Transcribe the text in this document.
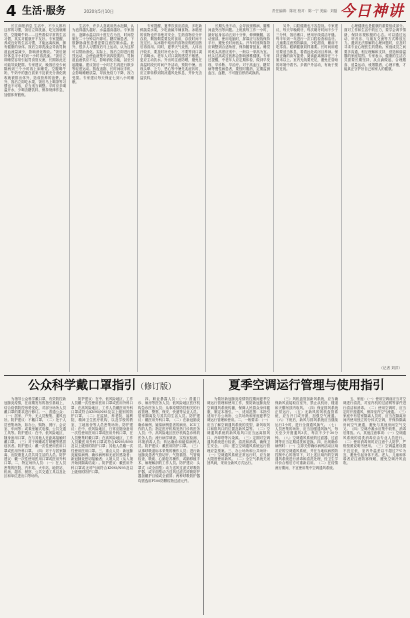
4 生活·服务	2020年5月10日	责任编辑：陈旺 校对：陈一宁 美编：刘磊 今日神讲

长江商报消息 生活中，不少人都有这样的习惯，饭后立即洗澡、吃完饭就睡觉、空腹喝牛奶……这些看似平常的生活习惯，其实对健康并不友好。专家提醒，养成良好的生活习惯，才能远离疾病，拥有健康的身体。饭后立即洗澡会导致胃肠道血流量减少，影响消化吸收。“饭后最好休息半小时到一小时再洗澡。”饭后立即睡觉容易引起胃食管反流，长期如此还可能导致肥胖。专家建议，晚饭后至少间隔两到三个小时再上床睡觉。空腹喝牛奶，牛奶中的蛋白质来不及被充分消化吸收就被排出体外，造成营养的浪费。此外，饭后立即吃水果、饭后马上喝茶等习惯也不可取，应当适当调整。平时应多喝温开水，少喝含糖饮料，保持规律作息，加强体育锻炼。

生活中，许多人喜欢用热水泡脚，认为泡得越久越好、水温越高越好。专家指出，泡脚水温以四十度左右为宜，时间控制在二十分钟以内即可。糖尿病患者、下肢静脉曲张患者更要注意控制水温。此外，很多人习惯饭后马上运动，认为这样可以帮助消化。实际上，饭后立即进行剧烈运动，会使血液集中到四肢肌肉，胃肠道血液供应不足，影响消化功能，甚至引起腹痛。建议饭后一小时左右再进行散步等轻度运动。熬夜追剧、长时间玩手机，会影响睡眠质量，导致免疫力下降，视力受损。专家建议每天保证七到八小时睡眠。

专家提醒，夏季饮食应清淡，多吃新鲜蔬菜水果，少吃油腻辛辣食物。冰箱里的食物也并非绝对安全，生熟食物应分开存放，剩饭剩菜要及时食用，存放时间不宜过长。从冰箱中取出的食物应彻底加热后再食用。同时，夏季天气炎热，人体出汗较多，要及时补充水分，不要等到口渴了再喝水。老年人对口渴的感觉不敏感，更应主动饮水。外出时注意防晒，避免在高温时段长时间户外活动，预防中暑。出现头晕、乏力、恶心等中暑先兆症状时，应立即转移到阴凉通风处休息，并补充含盐饮料。

长期久坐不动，会导致颈椎病、腰椎间盘突出等问题。上班族每工作一小时，最好起身活动五到十分钟，伸伸懒腰、活动颈部。使用电脑时，屏幕应与视线保持平行，避免长时间低头。开车时座椅靠背应调整到合适角度，保持腰背挺直。睡觉时枕头高度应适中，一般以一拳高为宜。枕头过高或过低都会影响颈椎健康。专家还提醒，中老年人应定期体检，做到早发现、早诊断、早治疗。对于高血压、糖尿病等慢性病患者，要按时服药，定期监测血压、血糖，不可擅自停药或换药。

另外，口腔健康也不容忽视。专家建议，每天早晚刷牙，每次刷牙时间不少于三分钟，饭后漱口，使用牙线清洁牙缝。每半年到一年进行一次口腔检查和洁牙。儿童要注意预防龋齿，少吃甜食，睡前不吃零食。眼睛健康同样重要。长时间用眼后要适当休息，看看远处或闭目养神。保持正确的读写姿势，阅读距离保持在三十厘米以上。室内光线要充足，避免在昏暗的环境中看书。多做户外活动，有助于预防近视。

心理健康也是健康的重要组成部分。面对工作和生活中的压力，要学会调节情绪，保持乐观积极的心态。可以通过运动、听音乐、与朋友交流等方式释放压力。遇到无法排解的心理问题时，应及时寻求专业心理医生的帮助。家庭成员之间要多沟通，相互理解和支持，营造和谐温馨的家庭氛围。专家表示，健康的生活方式需要长期坚持，从点滴做起，合理膳食、适量运动、戒烟限酒、心理平衡，才能真正守护好自己和家人的健康。

（记者 刘洋）
公众科学戴口罩指引（修订版）

为指导公众科学戴口罩，有效防控新冠肺炎疫情，在前期发布的指引基础上，结合疫情防控形势变化，对部分场所人员戴口罩的要求进行修订。一、普通公众：（一）居家、户外，无人员聚集、通风良好。防护建议：不戴口罩。（二）处于人员密集场所，如办公、购物、餐厅、会议室、车间等；或乘坐厢式电梯、公共交通工具等。防护建议：在中、低风险地区，随身备用口罩，在与其他人近距离接触时戴口罩。（三）对于咳嗽或打喷嚏等感冒症状者。防护建议：戴一次性使用医用口罩或医用外科口罩。（四）对于与居家隔离、出院康复人员共同生活的人员。防护建议：戴一次性使用医用口罩或医用外科口罩。二、特定场所人员：（一）在人员密集的医院、汽车站、火车站、地铁站、机场、超市、餐馆、公共交通工具以及社区和单位进出口等场所。

防护建议：在中、低风险地区，工作人员戴一次性使用医用口罩或医用外科口罩；在高风险地区，工作人员戴医用外科口罩或符合KN95/N95及以上级别的防护口罩。（二）在监狱、养老院、福利院、精神卫生医疗机构，以及学校的教室、工地宿舍等人员密集场所。防护建议：在中、低风险地区，日常应随身备用一次性使用医用口罩或医用外科口罩，在人员聚集时戴口罩；在高风险地区，工作人员戴医用外科口罩或符合KN95/N95及以上级别的防护口罩；其他人员戴一次性使用医用口罩。三、重点人员：新冠肺炎疑似病例、确诊病例和无症状感染者；新冠肺炎密切接触者；入境人员（从入境开始到隔离结束）。防护建议：戴医用外科口罩或无呼气阀符合KN95/N95及以上级别的防护口罩。

四、职业暴露人员：（一）普通门诊、病房等医务人员；低风险地区医疗机构急诊医务人员；从事疫情防控相关的行政管理、警察、保安、快递等从业人员。居家隔离及与其共同生活人员。防护建议：戴医用外科口罩。（二）在新冠肺炎确诊病例、疑似病例患者的病房、ICU工作的人员；指定医疗机构发热门诊的医务人员；中、高风险地区医疗机构急诊科的医务人员；流行病学调查、实验室检测、环境消毒人员；转运确诊和疑似病例人员。防护建议：戴医用防护口罩。（三）从事呼吸道标本采集的操作人员；进行新冠肺炎患者气管切开、气管插管、气管镜检查、吸痰、心肺复苏操作，或肺移植手术、病理解剖的工作人员。防护建议：头罩式（或全面型）动力送风过滤式呼吸防护器，或半面型动力送风过滤式呼吸防护器加戴护目镜或全面屏；两种呼吸防护器均需选用P100防颗粒物过滤元件。

夏季空调运行管理与使用指引

为做好新冠肺炎疫情防控期间夏季空调运行管理和使用工作，预防新冠肺炎经空调通风系统传播，保障人民群众身体健康，制定本指引。一、适用范围：本指引适用于办公场所、公共场所和家庭夏季空调运行管理和使用。二、一般要求：（一）应当了解空调通风系统的类型、新风取风口和排风口的位置及新风量等。（二）空调通风系统的新风取风口应当远离排风口、冷却塔等污染源。（三）定期对空调通风系统进行检查、清洗和消毒，确保卫生安全。（四）建立空调通风系统运行管理应急预案。三、办公场所和公共场所：（一）空调通风系统正常运行时，应当最大限度使用新风。（二）全空气系统关闭回风阀，采用全新风方式运行。

（三）风机盘管加新风系统，应当确保新风直接取自室外，禁止从机房、楼道和天棚吊顶内取风。（四）保证排风系统正常运行。（五）无新风的风机盘管系统，应当开门或开窗，加强空气流通。（六）下班后，新风与排风系统应当继续运行1小时，进行全面通风换气。（七）人员密集的场所，应当加强通风换气，每天至少开窗通风3次，每次不少于30分钟。（八）空调通风系统的过滤器、过滤网等应当定期清洗和更换。四、出现确诊病例时：（一）立即关停确诊病例活动区域对应的空调通风系统，并在当地疾病预防控制中心的指导下，对上述区域内的空调通风系统进行消毒和清洗处理，经卫生学评价合格后方可重新启用。（二）在疫情流行期间，不宜使用集中空调通风系统。

五、家庭：（一）使用空调前应当对空调进行清洗，对室内机的过滤网等部件进行清洁和消毒。（二）使用空调时，应当定时开窗通风，保持室内空气流通。（三）家庭中有居家隔离人员时，应当在隔离房间内使用独立的分体式空调，并保持隔离房间空气流通，避免与其他房间空气交叉。（四）空调冷凝水应集中收集，消毒后排放。六、其他注意事项：（一）空调通风系统的清洗消毒应由专业人员进行。（二）使用消毒剂时应注意个人防护，严格按照说明书使用。（三）空调温度设置不宜过低，室内外温差以不超过7℃为宜，避免引起身体不适。老人、儿童和体弱者应注意防寒保暖，避免空调冷风直吹。
